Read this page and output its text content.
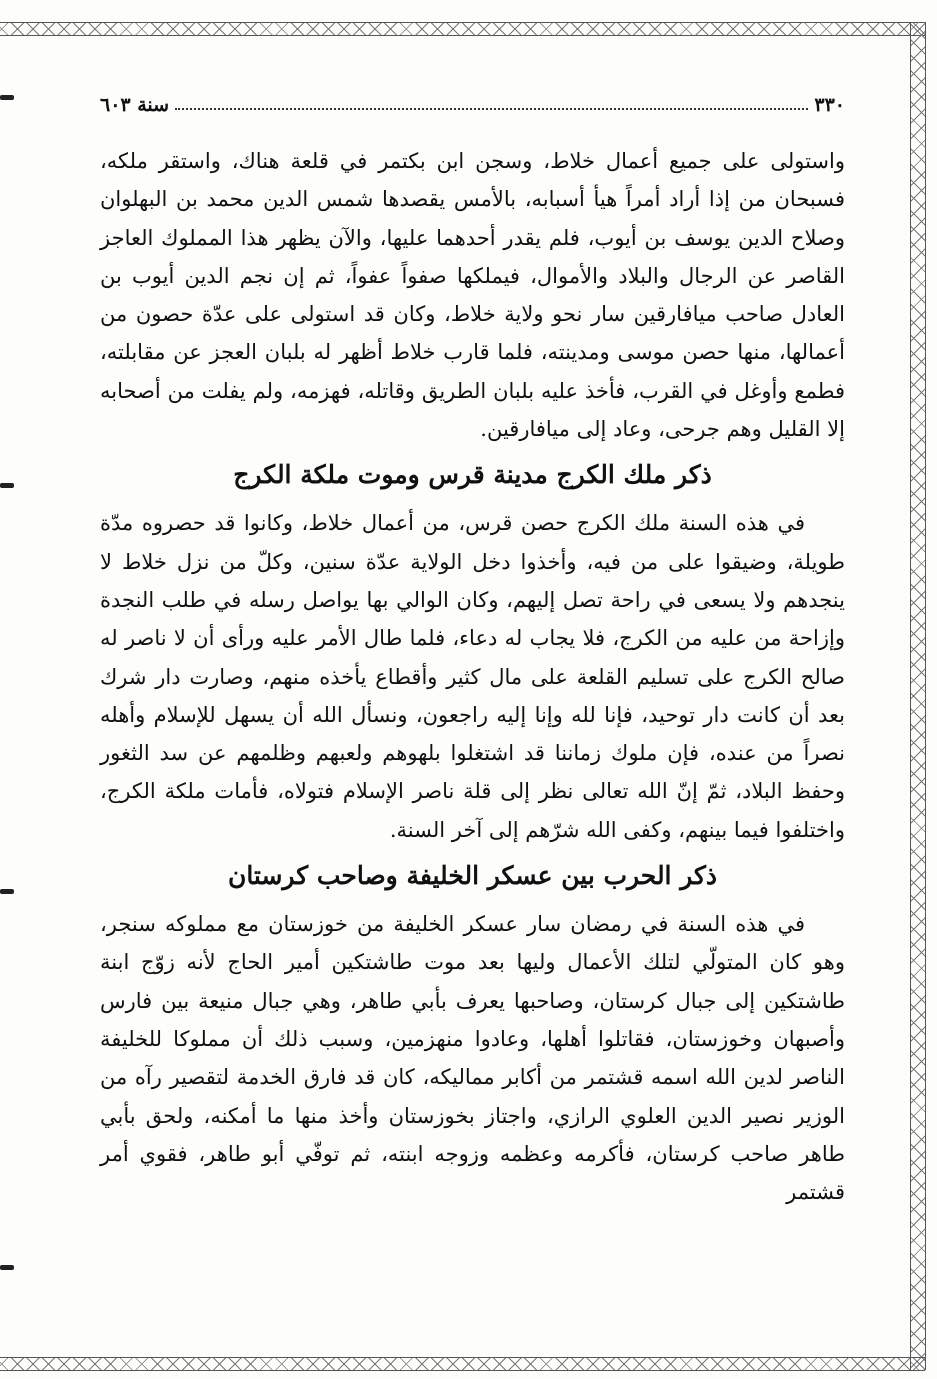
٣٣٠
سنة ٦٠٣

واستولى على جميع أعمال خلاط، وسجن ابن بكتمر في قلعة هناك، واستقر ملكه، فسبحان من إذا أراد أمراً هيأ أسبابه، بالأمس يقصدها شمس الدين محمد بن البهلوان وصلاح الدين يوسف بن أيوب، فلم يقدر أحدهما عليها، والآن يظهر هذا المملوك العاجز القاصر عن الرجال والبلاد والأموال، فيملكها صفواً عفواً، ثم إن نجم الدين أيوب بن العادل صاحب ميافارقين سار نحو ولاية خلاط، وكان قد استولى على عدّة حصون من أعمالها، منها حصن موسى ومدينته، فلما قارب خلاط أظهر له بلبان العجز عن مقابلته، فطمع وأوغل في القرب، فأخذ عليه بلبان الطريق وقاتله، فهزمه، ولم يفلت من أصحابه إلا القليل وهم جرحى، وعاد إلى ميافارقين.

ذكر ملك الكرج مدينة قرس وموت ملكة الكرج

في هذه السنة ملك الكرج حصن قرس، من أعمال خلاط، وكانوا قد حصروه مدّة طويلة، وضيقوا على من فيه، وأخذوا دخل الولاية عدّة سنين، وكلّ من نزل خلاط لا ينجدهم ولا يسعى في راحة تصل إليهم، وكان الوالي بها يواصل رسله في طلب النجدة وإزاحة من عليه من الكرج، فلا يجاب له دعاء، فلما طال الأمر عليه ورأى أن لا ناصر له صالح الكرج على تسليم القلعة على مال كثير وأقطاع يأخذه منهم، وصارت دار شرك بعد أن كانت دار توحيد، فإنا لله وإنا إليه راجعون، ونسأل الله أن يسهل للإسلام وأهله نصراً من عنده، فإن ملوك زماننا قد اشتغلوا بلهوهم ولعبهم وظلمهم عن سد الثغور وحفظ البلاد، ثمّ إنّ الله تعالى نظر إلى قلة ناصر الإسلام فتولاه، فأمات ملكة الكرج، واختلفوا فيما بينهم، وكفى الله شرّهم إلى آخر السنة.

ذكر الحرب بين عسكر الخليفة وصاحب كرستان

في هذه السنة في رمضان سار عسكر الخليفة من خوزستان مع مملوكه سنجر، وهو كان المتولّي لتلك الأعمال وليها بعد موت طاشتكين أمير الحاج لأنه زوّج ابنة طاشتكين إلى جبال كرستان، وصاحبها يعرف بأبي طاهر، وهي جبال منيعة بين فارس وأصبهان وخوزستان، فقاتلوا أهلها، وعادوا منهزمين، وسبب ذلك أن مملوكا للخليفة الناصر لدين الله اسمه قشتمر من أكابر مماليكه، كان قد فارق الخدمة لتقصير رآه من الوزير نصير الدين العلوي الرازي، واجتاز بخوزستان وأخذ منها ما أمكنه، ولحق بأبي طاهر صاحب كرستان، فأكرمه وعظمه وزوجه ابنته، ثم توفّي أبو طاهر، فقوي أمر قشتمر
